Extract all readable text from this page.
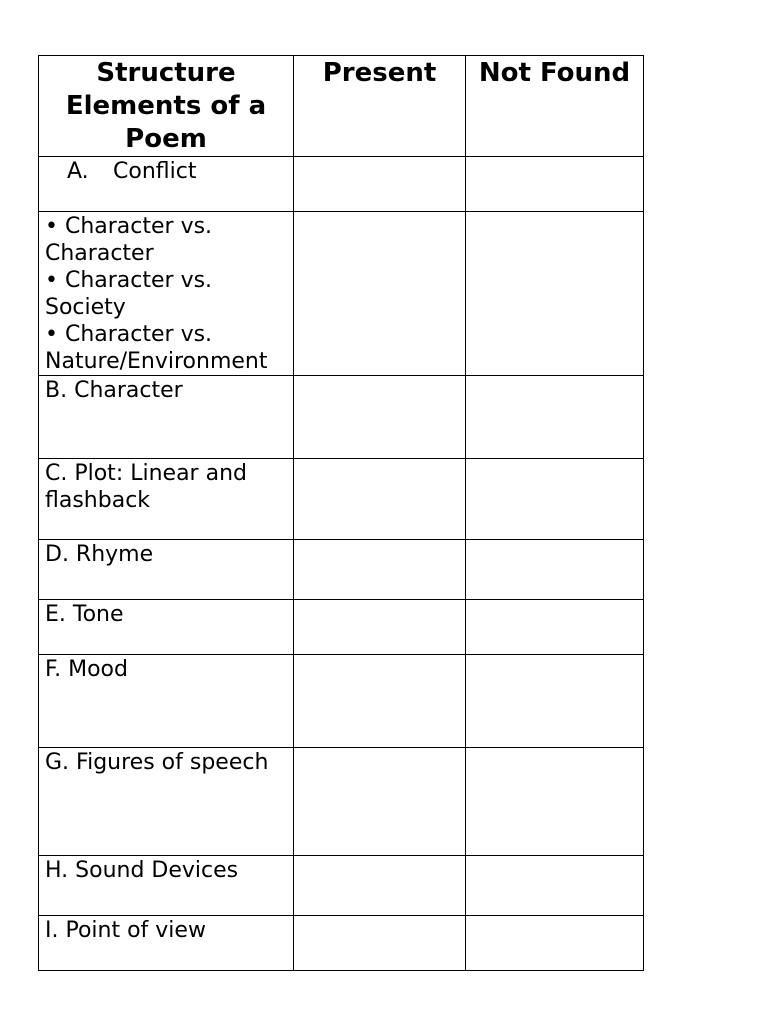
Structure Elements of a Poem	Present	Not Found

A. Conflict		

• Character vs. Character
• Character vs. Society
• Character vs. Nature/Environment		

B. Character		

C. Plot: Linear and flashback		

D. Rhyme		

E. Tone		

F. Mood		

G. Figures of speech		

H. Sound Devices		

I. Point of view		
